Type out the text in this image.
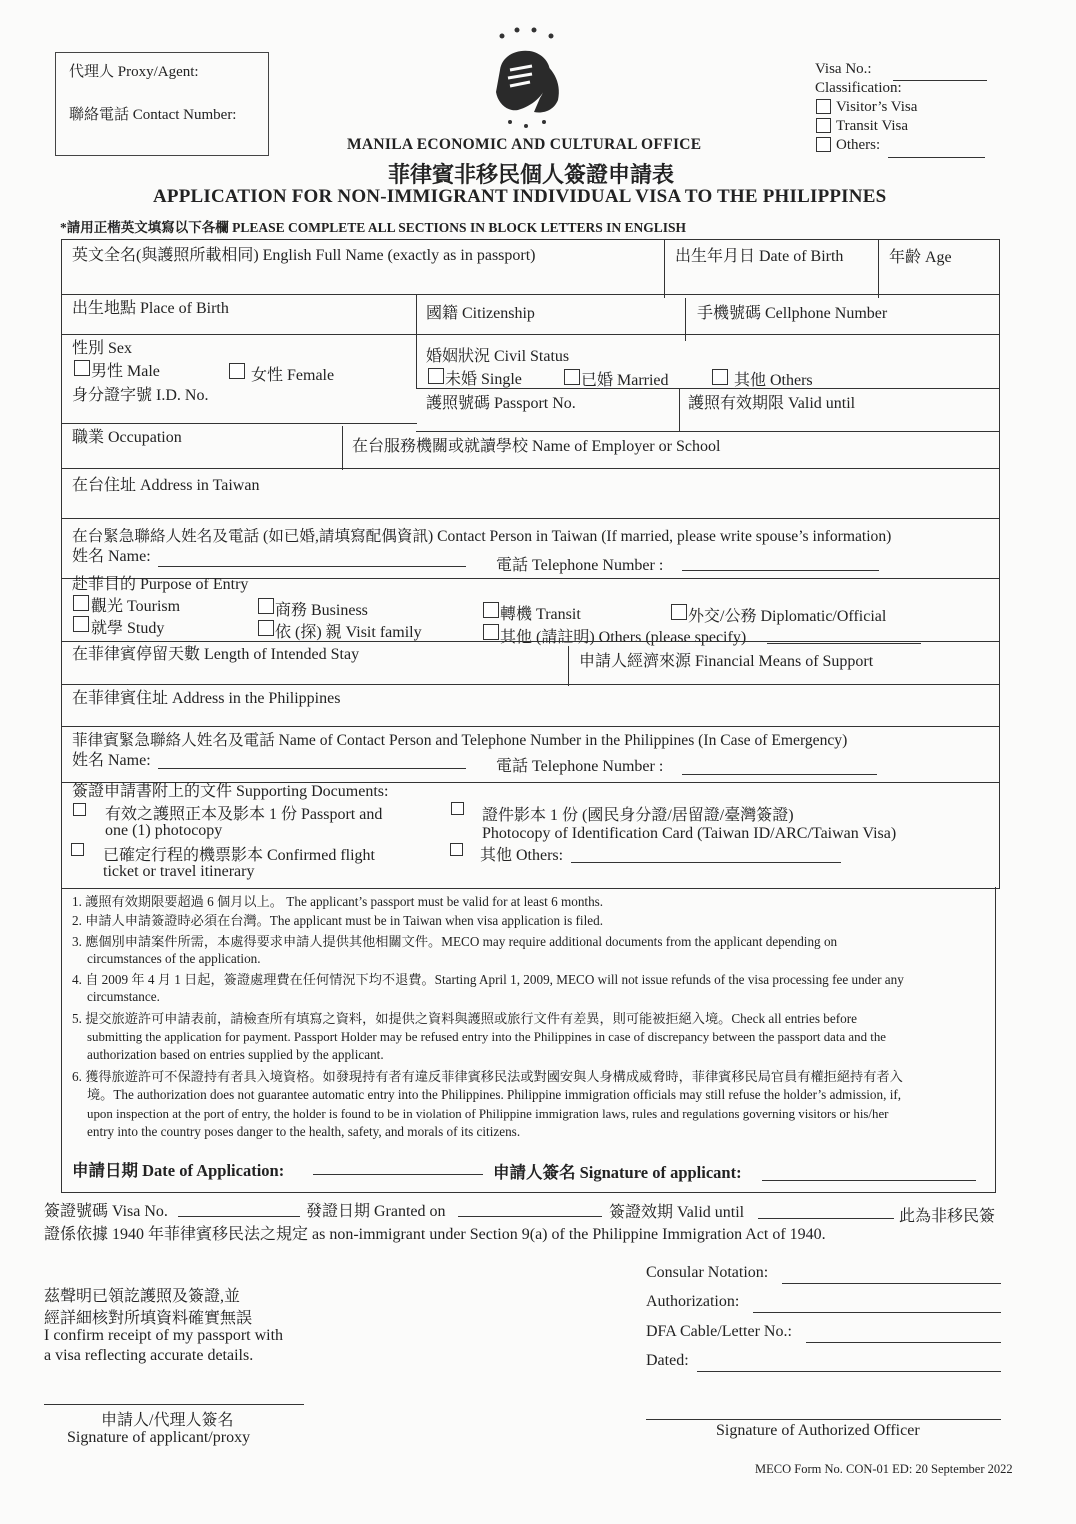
代理人 Proxy/Agent:
聯絡電話 Contact Number:
MANILA ECONOMIC AND CULTURAL OFFICE
菲律賓非移民個人簽證申請表
APPLICATION FOR NON-IMMIGRANT INDIVIDUAL VISA TO THE PHILIPPINES
*請用正楷英文填寫以下各欄 PLEASE COMPLETE ALL SECTIONS IN BLOCK LETTERS IN ENGLISH
Visa No.:
Classification:
Visitor’s Visa
Transit Visa
Others:
英文全名(與護照所載相同) English Full Name (exactly as in passport)	出生年月日 Date of Birth	年齡 Age
出生地點 Place of Birth	國籍 Citizenship	手機號碼 Cellphone Number
性別 Sex
男性 Male	女性 Female
婚姻狀況 Civil Status
未婚 Single	已婚 Married	其他 Others
身分證字號 I.D. No.	護照號碼 Passport No.	護照有效期限 Valid until
職業 Occupation
在台服務機關或就讀學校 Name of Employer or School
在台住址 Address in Taiwan
在台緊急聯絡人姓名及電話 (如已婚,請填寫配偶資訊) Contact Person in Taiwan (If married, please write spouse’s information)
姓名 Name:
電話 Telephone Number :
赴菲目的 Purpose of Entry
觀光 Tourism	商務 Business	轉機 Transit	外交/公務 Diplomatic/Official
就學 Study	依 (探) 親 Visit family	其他 (請註明) Others (please specify)
在菲律賓停留天數 Length of Intended Stay	申請人經濟來源 Financial Means of Support
在菲律賓住址 Address in the Philippines
菲律賓緊急聯絡人姓名及電話 Name of Contact Person and Telephone Number in the Philippines (In Case of Emergency)
姓名 Name:	電話 Telephone Number :
簽證申請書附上的文件 Supporting Documents:
有效之護照正本及影本 1 份 Passport and
one (1) photocopy
已確定行程的機票影本 Confirmed flight
ticket or travel itinerary
證件影本 1 份 (國民身分證/居留證/臺灣簽證)
Photocopy of Identification Card (Taiwan ID/ARC/Taiwan Visa)
其他 Others:
1. 護照有效期限要超過 6 個月以上。 The applicant’s passport must be valid for at least 6 months.
2. 申請人申請簽證時必須在台灣。The applicant must be in Taiwan when visa application is filed.
3. 應個別申請案件所需，本處得要求申請人提供其他相關文件。MECO may require additional documents from the applicant depending on
circumstances of the application.
4. 自 2009 年 4 月 1 日起，簽證處理費在任何情況下均不退費。Starting April 1, 2009, MECO will not issue refunds of the visa processing fee under any
circumstance.
5. 提交旅遊許可申請表前，請檢查所有填寫之資料，如提供之資料與護照或旅行文件有差異，則可能被拒絕入境。Check all entries before
submitting the application for payment. Passport Holder may be refused entry into the Philippines in case of discrepancy between the passport data and the
authorization based on entries supplied by the applicant.
6. 獲得旅遊許可不保證持有者具入境資格。如發現持有者有違反菲律賓移民法或對國安與人身構成威脅時，菲律賓移民局官員有權拒絕持有者入
境。The authorization does not guarantee automatic entry into the Philippines. Philippine immigration officials may still refuse the holder’s admission, if,
upon inspection at the port of entry, the holder is found to be in violation of Philippine immigration laws, rules and regulations governing visitors or his/her
entry into the country poses danger to the health, safety, and morals of its citizens.
申請日期 Date of Application:	申請人簽名 Signature of applicant:
簽證號碼 Visa No.	發證日期 Granted on	簽證效期 Valid until	此為非移民簽
證係依據 1940 年菲律賓移民法之規定 as non-immigrant under Section 9(a) of the Philippine Immigration Act of 1940.
茲聲明已領訖護照及簽證,並
經詳細核對所填資料確實無誤
I confirm receipt of my passport with
a visa reflecting accurate details.
申請人/代理人簽名
Signature of applicant/proxy
Consular Notation:
Authorization:
DFA Cable/Letter No.:
Dated:
Signature of Authorized Officer
MECO Form No. CON-01 ED: 20 September 2022
